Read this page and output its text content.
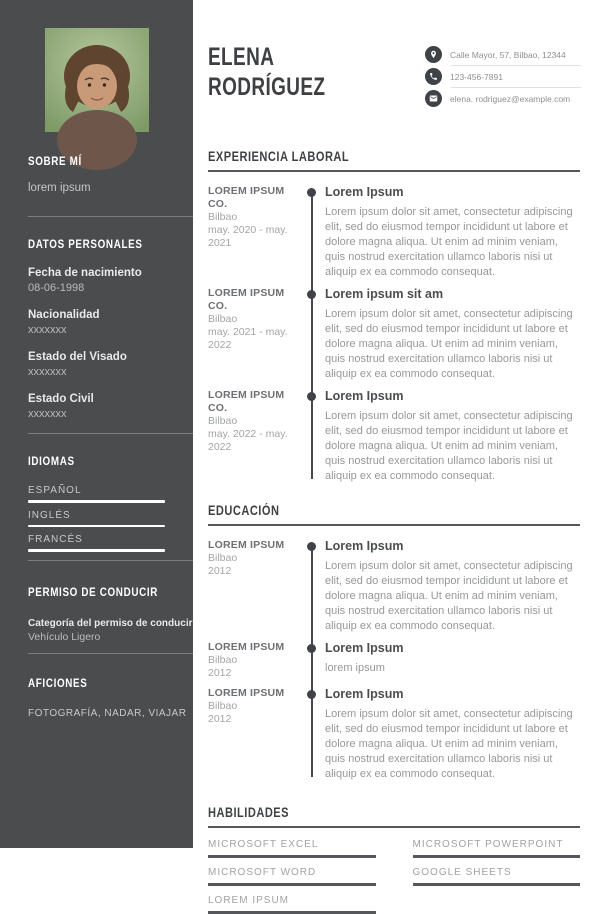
SOBRE MÍ
lorem ipsum
DATOS PERSONALES
Fecha de nacimiento
08-06-1998
Nacionalidad
xxxxxxx
Estado del Visado
xxxxxxx
Estado Civil
xxxxxxx
IDIOMAS
ESPAÑOL
INGLÉS
FRANCÉS
PERMISO DE CONDUCIR
Categoría del permiso de conducir
Vehículo Ligero
AFICIONES
FOTOGRAFÍA, NADAR, VIAJAR
ELENA
RODRÍGUEZ
Calle Mayor, 57, Bilbao, 12344
123-456-7891
elena. rodriguez@example.com
EXPERIENCIA LABORAL
LOREM IPSUM CO.
Bilbao
may. 2020 - may. 2021
Lorem Ipsum
Lorem ipsum dolor sit amet, consectetur adipiscing elit, sed do eiusmod tempor incididunt ut labore et dolore magna aliqua. Ut enim ad minim veniam, quis nostrud exercitation ullamco laboris nisi ut aliquip ex ea commodo consequat.
LOREM IPSUM CO.
Bilbao
may. 2021 - may. 2022
Lorem ipsum sit am
Lorem ipsum dolor sit amet, consectetur adipiscing elit, sed do eiusmod tempor incididunt ut labore et dolore magna aliqua. Ut enim ad minim veniam, quis nostrud exercitation ullamco laboris nisi ut aliquip ex ea commodo consequat.
LOREM IPSUM CO.
Bilbao
may. 2022 - may. 2022
Lorem Ipsum
Lorem ipsum dolor sit amet, consectetur adipiscing elit, sed do eiusmod tempor incididunt ut labore et dolore magna aliqua. Ut enim ad minim veniam, quis nostrud exercitation ullamco laboris nisi ut aliquip ex ea commodo consequat.
EDUCACIÓN
LOREM IPSUM
Bilbao
2012
Lorem Ipsum
Lorem ipsum dolor sit amet, consectetur adipiscing elit, sed do eiusmod tempor incididunt ut labore et dolore magna aliqua. Ut enim ad minim veniam, quis nostrud exercitation ullamco laboris nisi ut aliquip ex ea commodo consequat.
LOREM IPSUM
Bilbao
2012
Lorem Ipsum
lorem ipsum
LOREM IPSUM
Bilbao
2012
Lorem Ipsum
Lorem ipsum dolor sit amet, consectetur adipiscing elit, sed do eiusmod tempor incididunt ut labore et dolore magna aliqua. Ut enim ad minim veniam, quis nostrud exercitation ullamco laboris nisi ut aliquip ex ea commodo consequat.
HABILIDADES
MICROSOFT EXCEL	MICROSOFT POWERPOINT
MICROSOFT WORD	GOOGLE SHEETS
LOREM IPSUM
